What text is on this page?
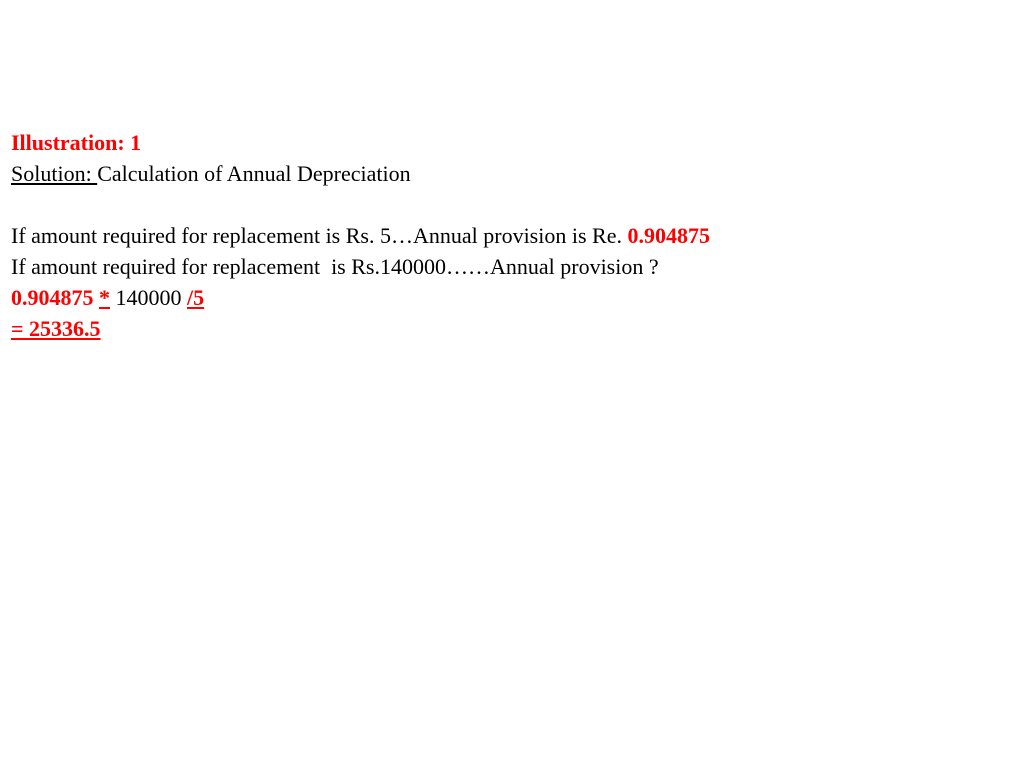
Illustration: 1
Solution: Calculation of Annual Depreciation
If amount required for replacement is Rs. 5…Annual provision is Re. 0.904875
If amount required for replacement  is Rs.140000……Annual provision ?
0.904875 * 140000 /5
= 25336.5
